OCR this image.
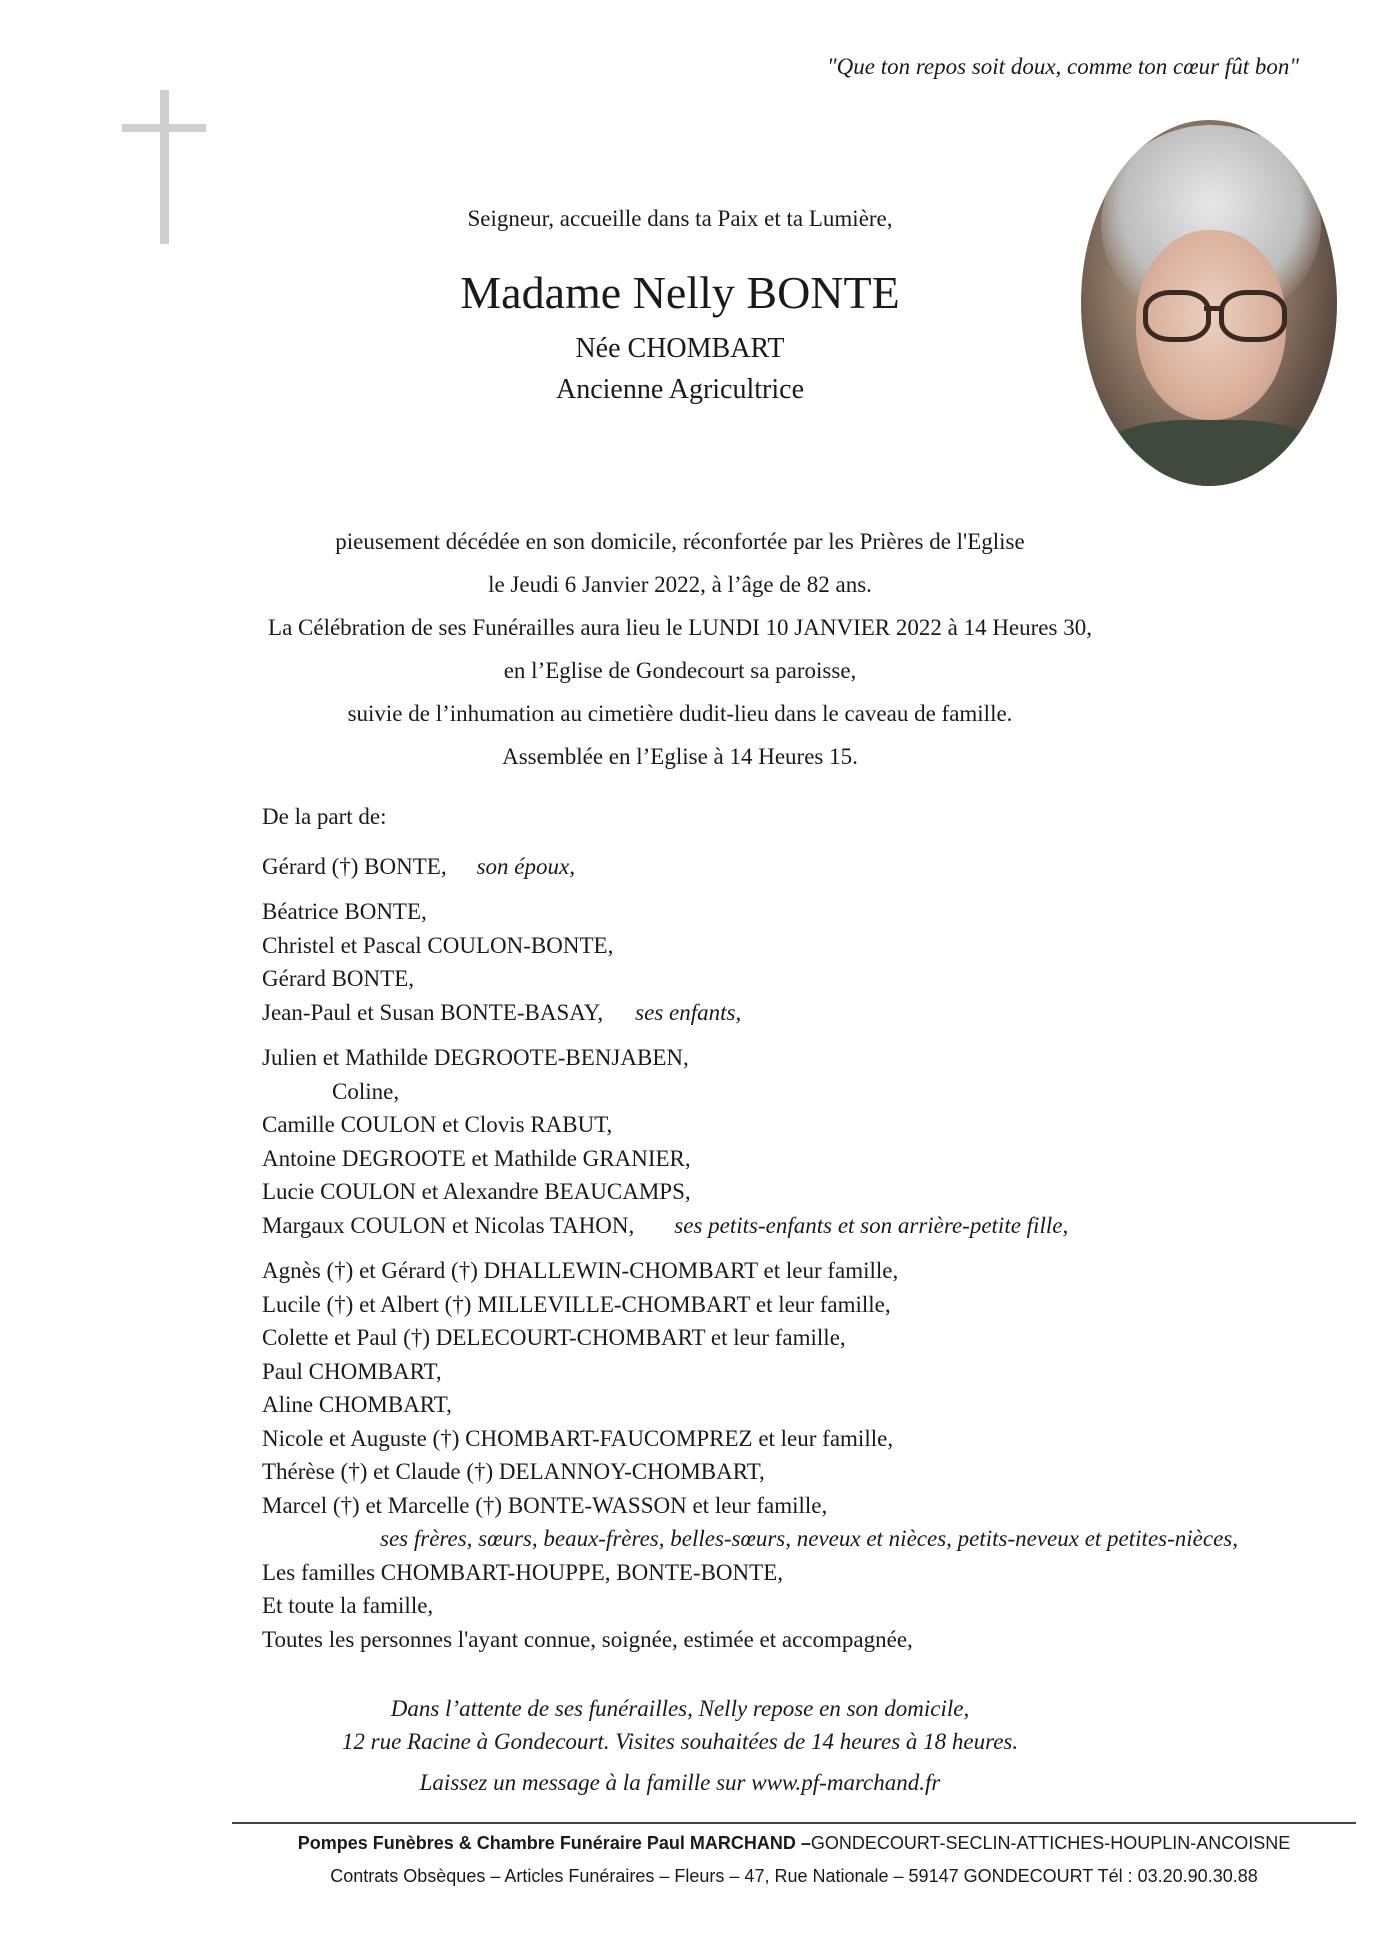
"Que ton repos soit doux, comme ton cœur fût bon"
Seigneur, accueille dans ta Paix et ta Lumière,
Madame Nelly BONTE
Née CHOMBART
Ancienne Agricultrice
pieusement décédée en son domicile, réconfortée par les Prières de l'Eglise
le Jeudi 6 Janvier 2022, à l’âge de 82 ans.
La Célébration de ses Funérailles aura lieu le LUNDI 10 JANVIER 2022 à 14 Heures 30,
en l’Eglise de Gondecourt sa paroisse,
suivie de l’inhumation au cimetière dudit-lieu dans le caveau de famille.
Assemblée en l’Eglise à 14 Heures 15.
De la part de:
Gérard (†) BONTE, son époux,
Béatrice BONTE,
Christel et Pascal COULON-BONTE,
Gérard BONTE,
Jean-Paul et Susan BONTE-BASAY, ses enfants,
Julien et Mathilde DEGROOTE-BENJABEN,
Coline,
Camille COULON et Clovis RABUT,
Antoine DEGROOTE et Mathilde GRANIER,
Lucie COULON et Alexandre BEAUCAMPS,
Margaux COULON et Nicolas TAHON, ses petits-enfants et son arrière-petite fille,
Agnès (†) et Gérard (†) DHALLEWIN-CHOMBART et leur famille,
Lucile (†) et Albert (†) MILLEVILLE-CHOMBART et leur famille,
Colette et Paul (†) DELECOURT-CHOMBART et leur famille,
Paul CHOMBART,
Aline CHOMBART,
Nicole et Auguste (†) CHOMBART-FAUCOMPREZ et leur famille,
Thérèse (†) et Claude (†) DELANNOY-CHOMBART,
Marcel (†) et Marcelle (†) BONTE-WASSON et leur famille,
ses frères, sœurs, beaux-frères, belles-sœurs, neveux et nièces, petits-neveux et petites-nièces,
Les familles CHOMBART-HOUPPE, BONTE-BONTE,
Et toute la famille,
Toutes les personnes l'ayant connue, soignée, estimée et accompagnée,
Dans l’attente de ses funérailles, Nelly repose en son domicile,
12 rue Racine à Gondecourt. Visites souhaitées de 14 heures à 18 heures.
Laissez un message à la famille sur www.pf-marchand.fr
Pompes Funèbres & Chambre Funéraire Paul MARCHAND –GONDECOURT-SECLIN-ATTICHES-HOUPLIN-ANCOISNE
Contrats Obsèques – Articles Funéraires – Fleurs – 47, Rue Nationale – 59147 GONDECOURT Tél : 03.20.90.30.88
